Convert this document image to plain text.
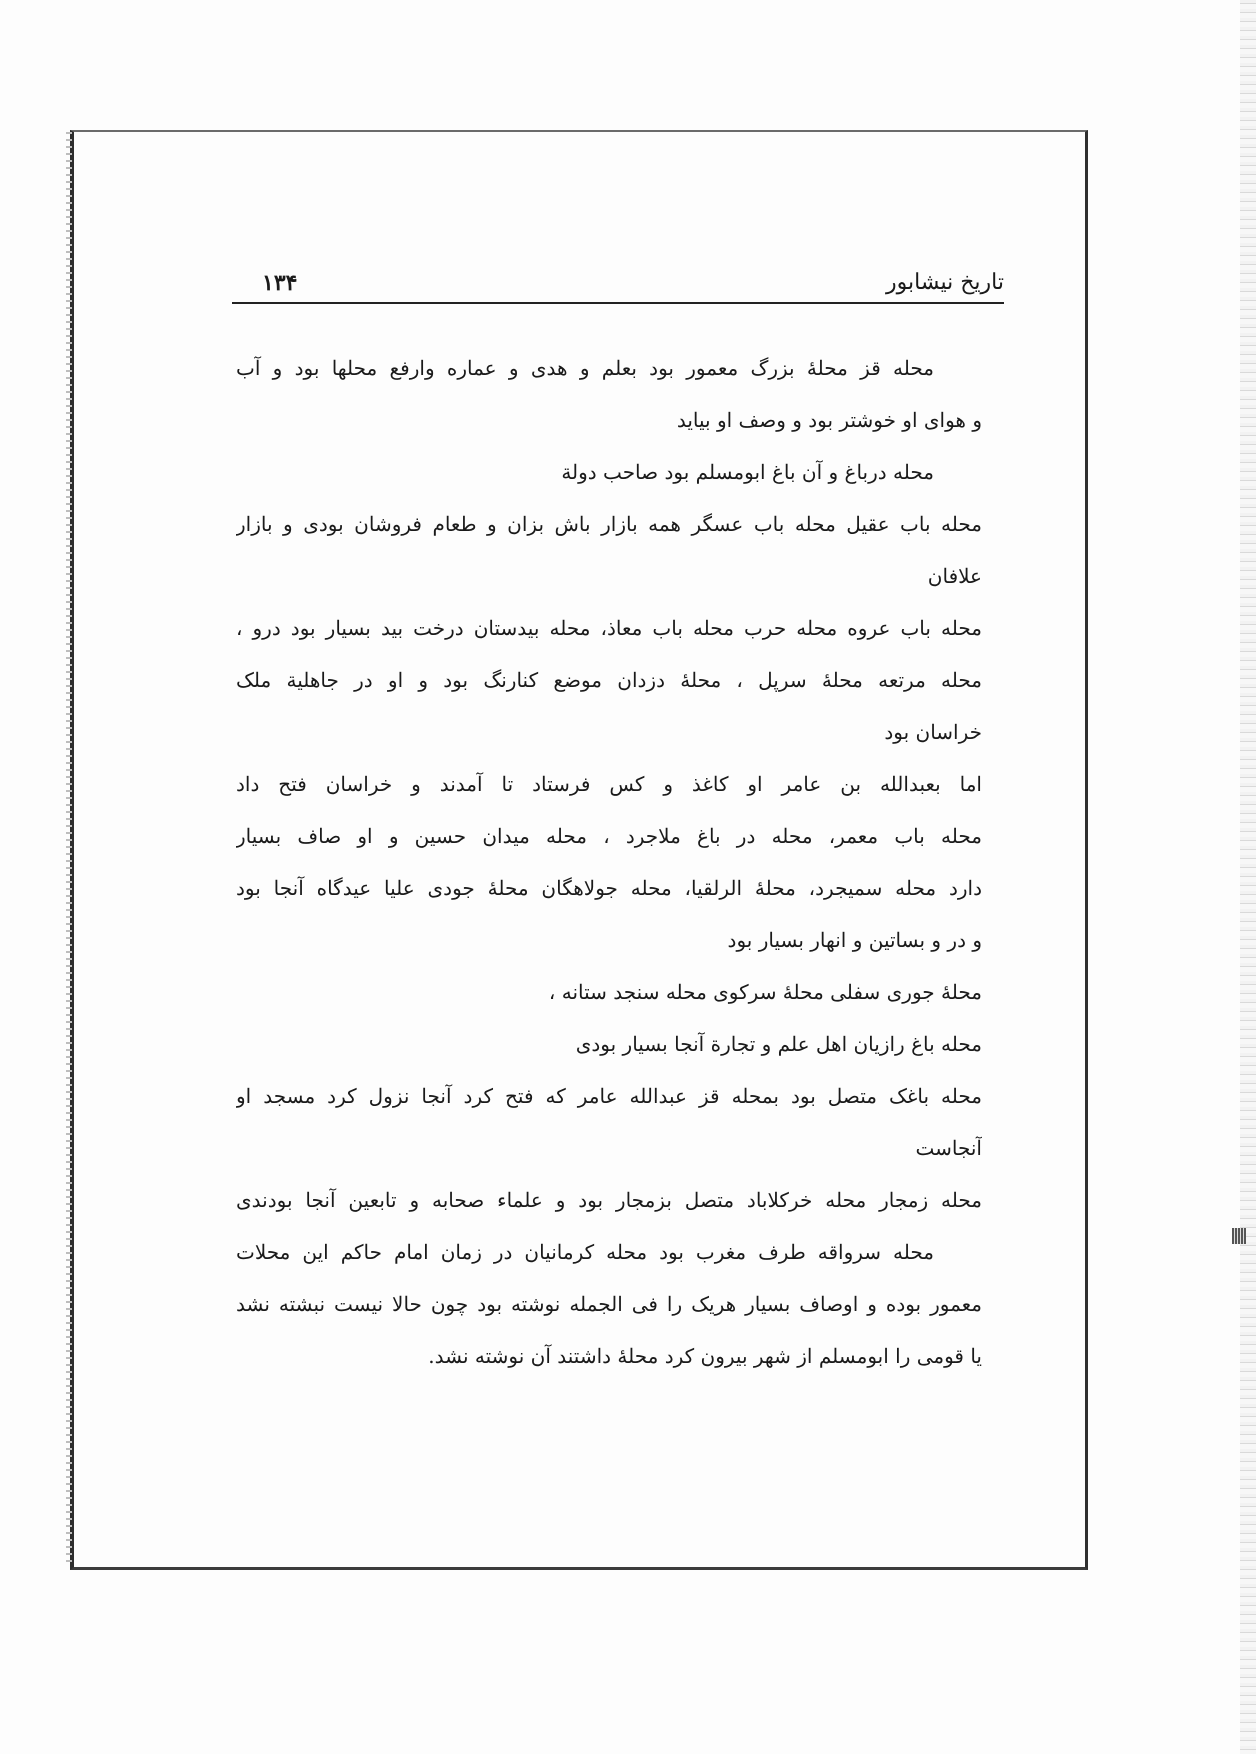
تاریخ نیشابور
۱۳۴
محله قز محلهٔ بزرگ معمور بود بعلم و هدی و عماره وارفع محلها بود و آب
و هوای او خوشتر بود و وصف او بیاید
محله درباغ و آن باغ ابومسلم بود صاحب دولة
محله باب عقیل محله باب عسگر همه بازار باش بزان و طعام فروشان بودی و بازار
علافان
محله باب عروه محله حرب محله باب معاذ، محله بیدستان درخت بید بسیار بود درو ،
محله مرتعه محلهٔ سرپل ، محلهٔ دزدان موضع کنارنگ بود و او در جاهلیة ملک
خراسان بود
اما بعبدالله بن عامر او کاغذ و کس فرستاد تا آمدند و خراسان فتح داد
محله باب معمر، محله در باغ ملاجرد ، محله میدان حسین و او صاف بسیار
دارد محله سمیجرد، محلهٔ الرلقیا، محله جولاهگان محلهٔ جودی علیا عیدگاه آنجا بود
و در و بساتین و انهار بسیار بود
محلهٔ جوری سفلی محلهٔ سرکوی محله سنجد ستانه ،
محله باغ رازیان اهل علم و تجارة آنجا بسیار بودی
محله باغک متصل بود بمحله قز عبدالله عامر که فتح کرد آنجا نزول کرد مسجد او
آنجاست
محله زمجار محله خرکلاباد متصل بزمجار بود و علماء صحابه و تابعین آنجا بودندی
محله سرواقه طرف مغرب بود محله کرمانیان در زمان امام حاکم این محلات
معمور بوده و اوصاف بسیار هریک را فی الجمله نوشته بود چون حالا نیست نبشته نشد
یا قومی را ابومسلم از شهر بیرون کرد محلهٔ داشتند آن نوشته نشد.
